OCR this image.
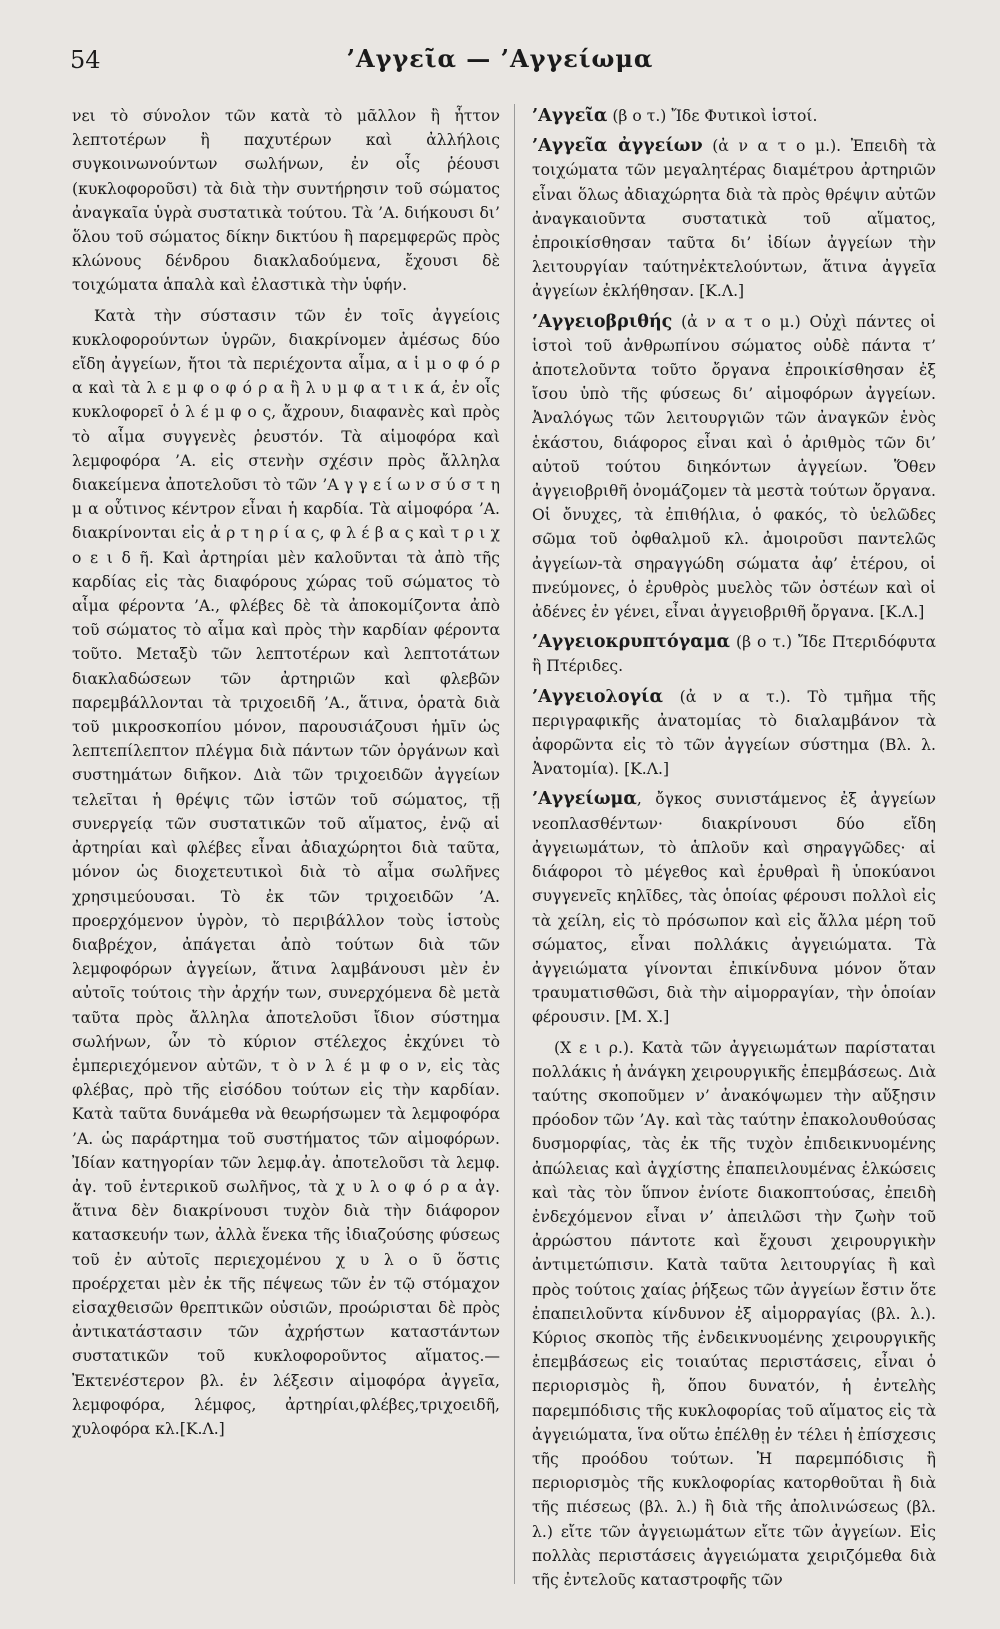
54	’Αγγεῖα — ’Αγγείωμα

νει τὸ σύνολον τῶν κατὰ τὸ μᾶλλον ἢ ἧττον λεπτοτέρων ἢ παχυτέρων καὶ ἀλλήλοις συγκοινωνούντων σωλήνων, ἐν οἷς ῥέουσι (κυκλοφοροῦσι) τὰ διὰ τὴν συντήρησιν τοῦ σώματος ἀναγκαῖα ὑγρὰ συστατικὰ τούτου. Τὰ ’Α. διήκουσι δι’ ὅλου τοῦ σώματος δίκην δικτύου ἢ παρεμφερῶς πρὸς κλώνους δένδρου διακλαδούμενα, ἔχουσι δὲ τοιχώματα ἁπαλὰ καὶ ἐλαστικὰ τὴν ὑφήν.

Κατὰ τὴν σύστασιν τῶν ἐν τοῖς ἀγγείοις κυκλοφορούντων ὑγρῶν, διακρίνομεν ἀμέσως δύο εἴδη ἀγγείων, ἤτοι τὰ περιέχοντα αἷμα, α ἱ μ ο φ ό ρ α καὶ τὰ λ ε μ φ ο φ ό ρ α ἢ λ υ μ φ α τ ι κ ά, ἐν οἷς κυκλοφορεῖ ὁ λ έ μ φ ο ς, ἄχρουν, διαφανὲς καὶ πρὸς τὸ αἷμα συγγενὲς ῥευστόν. Τὰ αἱμοφόρα καὶ λεμφοφόρα ’Α. εἰς στενὴν σχέσιν πρὸς ἄλληλα διακείμενα ἀποτελοῦσι τὸ τῶν ’Α γ γ ε ί ω ν σ ύ σ τ η μ α οὗτινος κέντρον εἶναι ἡ καρδία. Τὰ αἱμοφόρα ’Α. διακρίνονται εἰς ἀ ρ τ η ρ ί α ς, φ λ έ β α ς καὶ τ ρ ι χ ο ε ι δ ῆ. Καὶ ἀρτηρίαι μὲν καλοῦνται τὰ ἀπὸ τῆς καρδίας εἰς τὰς διαφόρους χώρας τοῦ σώματος τὸ αἷμα φέροντα ’Α., φλέβες δὲ τὰ ἀποκομίζοντα ἀπὸ τοῦ σώματος τὸ αἷμα καὶ πρὸς τὴν καρδίαν φέροντα τοῦτο. Μεταξὺ τῶν λεπτοτέρων καὶ λεπτοτάτων διακλαδώσεων τῶν ἀρτηριῶν καὶ φλεβῶν παρεμβάλλονται τὰ τριχοειδῆ ’Α., ἅτινα, ὁρατὰ διὰ τοῦ μικροσκοπίου μόνον, παρουσιάζουσι ἡμῖν ὡς λεπτεπίλεπτον πλέγμα διὰ πάντων τῶν ὀργάνων καὶ συστημάτων διῆκον. Διὰ τῶν τριχοειδῶν ἀγγείων τελεῖται ἡ θρέψις τῶν ἱστῶν τοῦ σώματος, τῇ συνεργείᾳ τῶν συστατικῶν τοῦ αἵματος, ἐνῷ αἱ ἀρτηρίαι καὶ φλέβες εἶναι ἀδιαχώρητοι διὰ ταῦτα, μόνον ὡς διοχετευτικοὶ διὰ τὸ αἷμα σωλῆνες χρησιμεύουσαι. Τὸ ἐκ τῶν τριχοειδῶν ’Α. προερχόμενον ὑγρὸν, τὸ περιβάλλον τοὺς ἱστοὺς διαβρέχον, ἀπάγεται ἀπὸ τούτων διὰ τῶν λεμφοφόρων ἀγγείων, ἅτινα λαμβάνουσι μὲν ἐν αὐτοῖς τούτοις τὴν ἀρχήν των, συνερχόμενα δὲ μετὰ ταῦτα πρὸς ἄλληλα ἀποτελοῦσι ἴδιον σύστημα σωλήνων, ὧν τὸ κύριον στέλεχος ἐκχύνει τὸ ἐμπεριεχόμενον αὐτῶν, τ ὸ ν λ έ μ φ ο ν, εἰς τὰς φλέβας, πρὸ τῆς εἰσόδου τούτων εἰς τὴν καρδίαν. Κατὰ ταῦτα δυνάμεθα νὰ θεωρήσωμεν τὰ λεμφοφόρα ’Α. ὡς παράρτημα τοῦ συστήματος τῶν αἱμοφόρων. Ἰδίαν κατηγορίαν τῶν λεμφ.ἀγ. ἀποτελοῦσι τὰ λεμφ. ἀγ. τοῦ ἐντερικοῦ σωλῆνος, τὰ χ υ λ ο φ ό ρ α ἀγ. ἅτινα δὲν διακρίνουσι τυχὸν διὰ τὴν διάφορον κατασκευήν των, ἀλλὰ ἕνεκα τῆς ἰδιαζούσης φύσεως τοῦ ἐν αὐτοῖς περιεχομένου χ υ λ ο ῦ ὅστις προέρχεται μὲν ἐκ τῆς πέψεως τῶν ἐν τῷ στόμαχον εἰσαχθεισῶν θρεπτικῶν οὐσιῶν, προώρισται δὲ πρὸς ἀντικατάστασιν τῶν ἀχρήστων καταστάντων συστατικῶν τοῦ κυκλοφοροῦντος αἵματος.— Ἐκτενέστερον βλ. ἐν λέξεσιν αἱμοφόρα ἀγγεῖα, λεμφοφόρα, λέμφος, ἀρτηρίαι,φλέβες,τριχοειδῆ, χυλοφόρα κλ.[Κ.Λ.]

’Αγγεῖα (β ο τ.) Ἴδε Φυτικοὶ ἱστοί.

’Αγγεῖα ἀγγείων (ἀ ν α τ ο μ.). Ἐπειδὴ τὰ τοιχώματα τῶν μεγαλητέρας διαμέτρου ἀρτηριῶν εἶναι ὅλως ἀδιαχώρητα διὰ τὰ πρὸς θρέψιν αὐτῶν ἀναγκαιοῦντα συστατικὰ τοῦ αἵματος, ἐπροικίσθησαν ταῦτα δι’ ἰδίων ἀγγείων τὴν λειτουργίαν ταύτηνἐκτελούντων, ἅτινα ἀγγεῖα ἀγγείων ἐκλήθησαν. [Κ.Λ.]

’Αγγειοβριθής (ἀ ν α τ ο μ.) Οὐχὶ πάντες οἱ ἱστοὶ τοῦ ἀνθρωπίνου σώματος οὐδὲ πάντα τ’ ἀποτελοῦντα τοῦτο ὄργανα ἐπροικίσθησαν ἐξ ἴσου ὑπὸ τῆς φύσεως δι’ αἱμοφόρων ἀγγείων. Ἀναλόγως τῶν λειτουργιῶν τῶν ἀναγκῶν ἑνὸς ἑκάστου, διάφορος εἶναι καὶ ὁ ἀριθμὸς τῶν δι’ αὐτοῦ τούτου διηκόντων ἀγγείων. Ὅθεν ἀγγειοβριθῆ ὀνομάζομεν τὰ μεστὰ τούτων ὄργανα. Οἱ ὄνυχες, τὰ ἐπιθήλια, ὁ φακός, τὸ ὑελῶδες σῶμα τοῦ ὀφθαλμοῦ κλ. ἀμοιροῦσι παντελῶς ἀγγείων-τὰ σηραγγώδη σώματα ἀφ’ ἑτέρου, οἱ πνεύμονες, ὁ ἐρυθρὸς μυελὸς τῶν ὀστέων καὶ οἱ ἀδένες ἐν γένει, εἶναι ἀγγειοβριθῆ ὄργανα. [Κ.Λ.]

’Αγγειοκρυπτόγαμα (β ο τ.) Ἴδε Πτεριδόφυτα ἢ Πτέριδες.

’Αγγειολογία (ἀ ν α τ.). Τὸ τμῆμα τῆς περιγραφικῆς ἀνατομίας τὸ διαλαμβάνον τὰ ἀφορῶντα εἰς τὸ τῶν ἀγγείων σύστημα (Βλ. λ. Ἀνατομία). [Κ.Λ.]

’Αγγείωμα, ὄγκος συνιστάμενος ἐξ ἀγγείων νεοπλασθέντων· διακρίνουσι δύο εἴδη ἀγγειωμάτων, τὸ ἁπλοῦν καὶ σηραγγῶδες· αἱ διάφοροι τὸ μέγεθος καὶ ἐρυθραὶ ἢ ὑποκύανοι συγγενεῖς κηλῖδες, τὰς ὁποίας φέρουσι πολλοὶ εἰς τὰ χείλη, εἰς τὸ πρόσωπον καὶ εἰς ἄλλα μέρη τοῦ σώματος, εἶναι πολλάκις ἀγγειώματα. Τὰ ἀγγειώματα γίνονται ἐπικίνδυνα μόνον ὅταν τραυματισθῶσι, διὰ τὴν αἱμορραγίαν, τὴν ὁποίαν φέρουσιν. [Μ. Χ.]

(Χ ε ι ρ.). Κατὰ τῶν ἀγγειωμάτων παρίσταται πολλάκις ἡ ἀνάγκη χειρουργικῆς ἐπεμβάσεως. Διὰ ταύτης σκοποῦμεν ν’ ἀνακόψωμεν τὴν αὔξησιν πρόοδον τῶν ’Αγ. καὶ τὰς ταύτην ἐπακολουθούσας δυσμορφίας, τὰς ἐκ τῆς τυχὸν ἐπιδεικνυομένης ἀπώλειας καὶ ἀγχίστης ἐπαπειλουμένας ἑλκώσεις καὶ τὰς τὸν ὕπνον ἐνίοτε διακοπτούσας, ἐπειδὴ ἐνδεχόμενον εἶναι ν’ ἀπειλῶσι τὴν ζωὴν τοῦ ἀρρώστου πάντοτε καὶ ἔχουσι χειρουργικὴν ἀντιμετώπισιν. Κατὰ ταῦτα λειτουργίας ἢ καὶ πρὸς τούτοις χαίας ῥήξεως τῶν ἀγγείων ἔστιν ὅτε ἐπαπειλοῦντα κίνδυνον ἐξ αἱμορραγίας (βλ. λ.). Κύριος σκοπὸς τῆς ἐνδεικνυομένης χειρουργικῆς ἐπεμβάσεως εἰς τοιαύτας περιστάσεις, εἶναι ὁ περιορισμὸς ἢ, ὅπου δυνατόν, ἡ ἐντελὴς παρεμπόδισις τῆς κυκλοφορίας τοῦ αἵματος εἰς τὰ ἀγγειώματα, ἵνα οὕτω ἐπέλθῃ ἐν τέλει ἡ ἐπίσχεσις τῆς προόδου τούτων. Ἡ παρεμπόδισις ἢ περιορισμὸς τῆς κυκλοφορίας κατορθοῦται ἢ διὰ τῆς πιέσεως (βλ. λ.) ἢ διὰ τῆς ἀπολινώσεως (βλ. λ.) εἴτε τῶν ἀγγειωμάτων εἴτε τῶν ἀγγείων. Εἰς πολλὰς περιστάσεις ἀγγειώματα χειριζόμεθα διὰ τῆς ἐντελοῦς καταστροφῆς τῶν
